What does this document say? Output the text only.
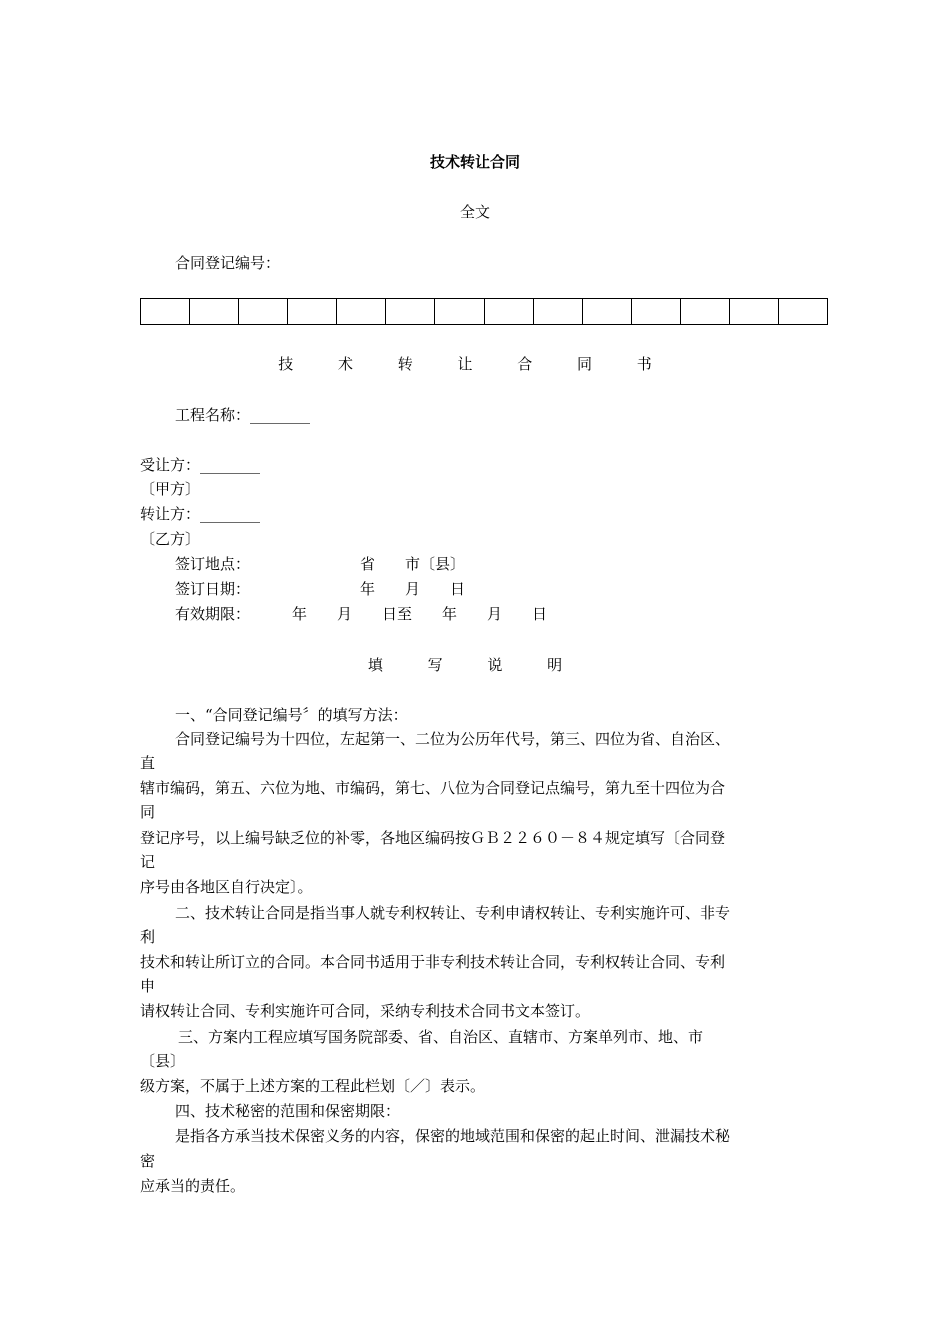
技术转让合同
全文
合同登记编号：
技 术 转 让 合 同 书
工程名称：________
受让方：________
〔甲方〕
转让方：________
〔乙方〕
签订地点：	省　　市〔县〕
签订日期：	年　　月　　日
有效期限：	年　　月　　日至　　年　　月　　日
填 写 说 明
一、“合同登记编号〞的填写方法：
合同登记编号为十四位，左起第一、二位为公历年代号，第三、四位为省、自治区、
直
辖市编码，第五、六位为地、市编码，第七、八位为合同登记点编号，第九至十四位为合
同
登记序号，以上编号缺乏位的补零，各地区编码按ＧＢ２２６０－８４规定填写〔合同登
记
序号由各地区自行决定〕。
二、技术转让合同是指当事人就专利权转让、专利申请权转让、专利实施许可、非专
利
技术和转让所订立的合同。本合同书适用于非专利技术转让合同，专利权转让合同、专利
申
请权转让合同、专利实施许可合同，采纳专利技术合同书文本签订。
三、方案内工程应填写国务院部委、省、自治区、直辖市、方案单列市、地、市
〔县〕
级方案，不属于上述方案的工程此栏划〔／〕表示。
四、技术秘密的范围和保密期限：
是指各方承当技术保密义务的内容，保密的地域范围和保密的起止时间、泄漏技术秘
密
应承当的责任。
